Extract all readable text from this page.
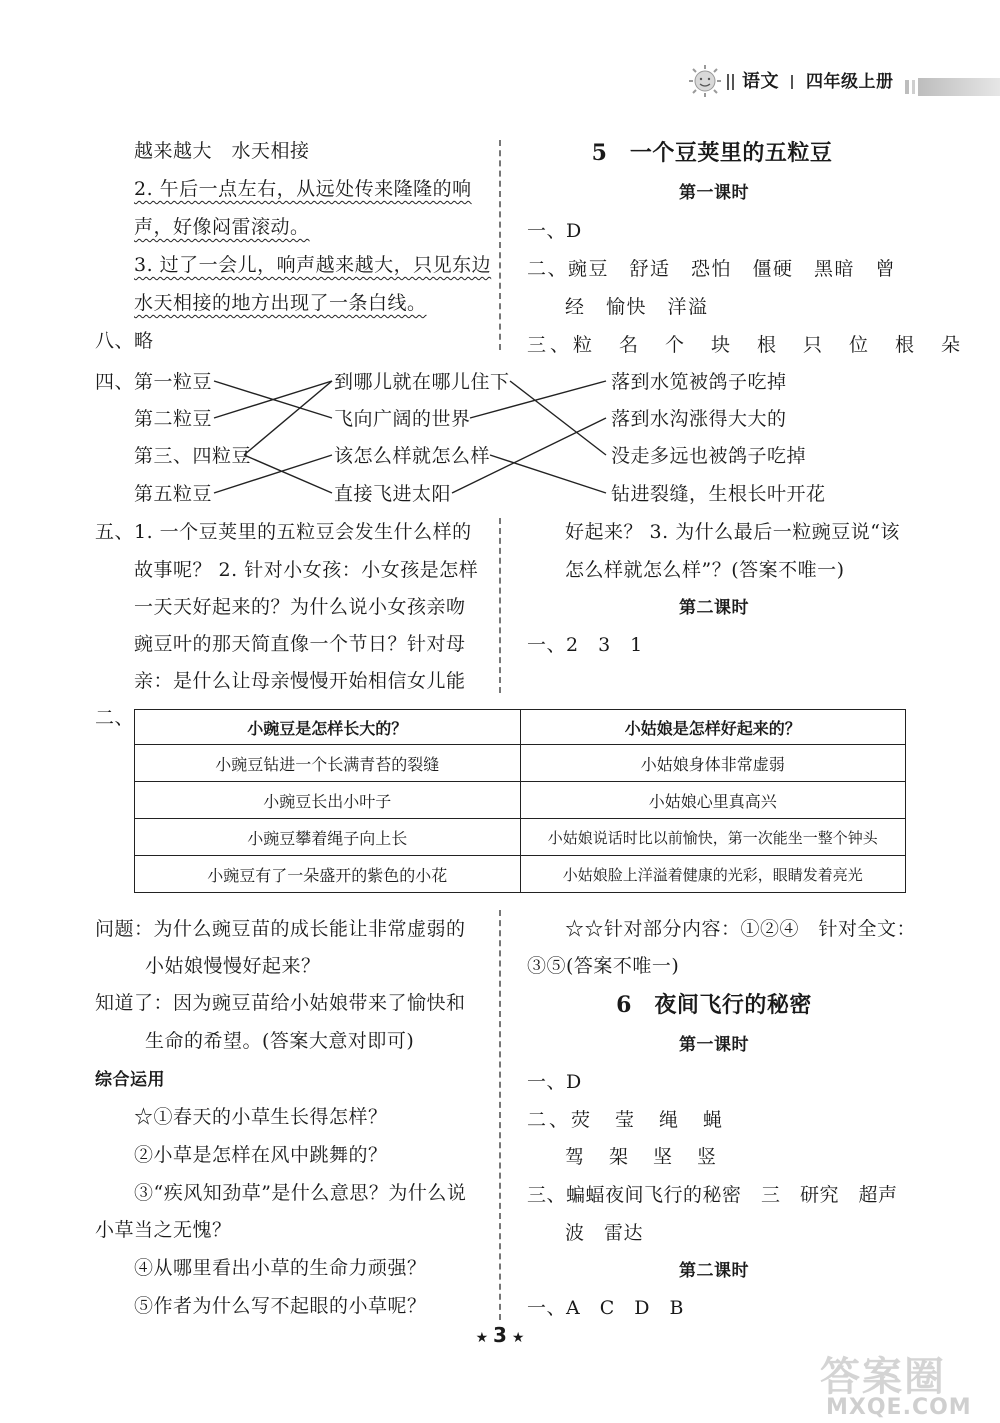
语文 四年级上册
越来越大　水天相接
2. 午后一点左右，从远处传来隆隆的响
声，好像闷雷滚动。
3. 过了一会儿，响声越来越大，只见东边
水天相接的地方出现了一条白线。
八、略
5　一个豆荚里的五粒豆
第一课时
一、D
二、豌豆　舒适　恐怕　僵硬　黑暗　曾
经　愉快　洋溢
三、粒　名　个　块　根　只　位　根　朵
四、 第一粒豆
第二粒豆
第三、四粒豆
第五粒豆
到哪儿就在哪儿住下
飞向广阔的世界
该怎么样就怎么样
直接飞进太阳
落到水笕被鸽子吃掉
落到水沟涨得大大的
没走多远也被鸽子吃掉
钻进裂缝，生根长叶开花
五、1. 一个豆荚里的五粒豆会发生什么样的
故事呢？ 2. 针对小女孩：小女孩是怎样
一天天好起来的？为什么说小女孩亲吻
豌豆叶的那天简直像一个节日？针对母
亲：是什么让母亲慢慢开始相信女儿能
好起来？ 3. 为什么最后一粒豌豆说“该
怎么样就怎么样”？(答案不唯一)
第二课时
一、2　3　1
二、	小豌豆是怎样长大的？	小姑娘是怎样好起来的？
小豌豆钻进一个长满青苔的裂缝	小姑娘身体非常虚弱
小豌豆长出小叶子	小姑娘心里真高兴
小豌豆攀着绳子向上长	小姑娘说话时比以前愉快，第一次能坐一整个钟头
小豌豆有了一朵盛开的紫色的小花	小姑娘脸上洋溢着健康的光彩，眼睛发着亮光
问题：为什么豌豆苗的成长能让非常虚弱的
小姑娘慢慢好起来？
知道了：因为豌豆苗给小姑娘带来了愉快和
生命的希望。(答案大意对即可)
综合运用
☆①春天的小草生长得怎样？
②小草是怎样在风中跳舞的？
③“疾风知劲草”是什么意思？为什么说
小草当之无愧？
④从哪里看出小草的生命力顽强？
⑤作者为什么写不起眼的小草呢？
☆☆针对部分内容：①②④　针对全文：
③⑤(答案不唯一)
6　夜间飞行的秘密
第一课时
一、D
二、荧　莹　绳　蝇
驾　架　坚　竖
三、蝙蝠夜间飞行的秘密　三　研究　超声
波　雷达
第二课时
一、A　C　D　B
★ 3 ★
答案圈
MXQE.COM
